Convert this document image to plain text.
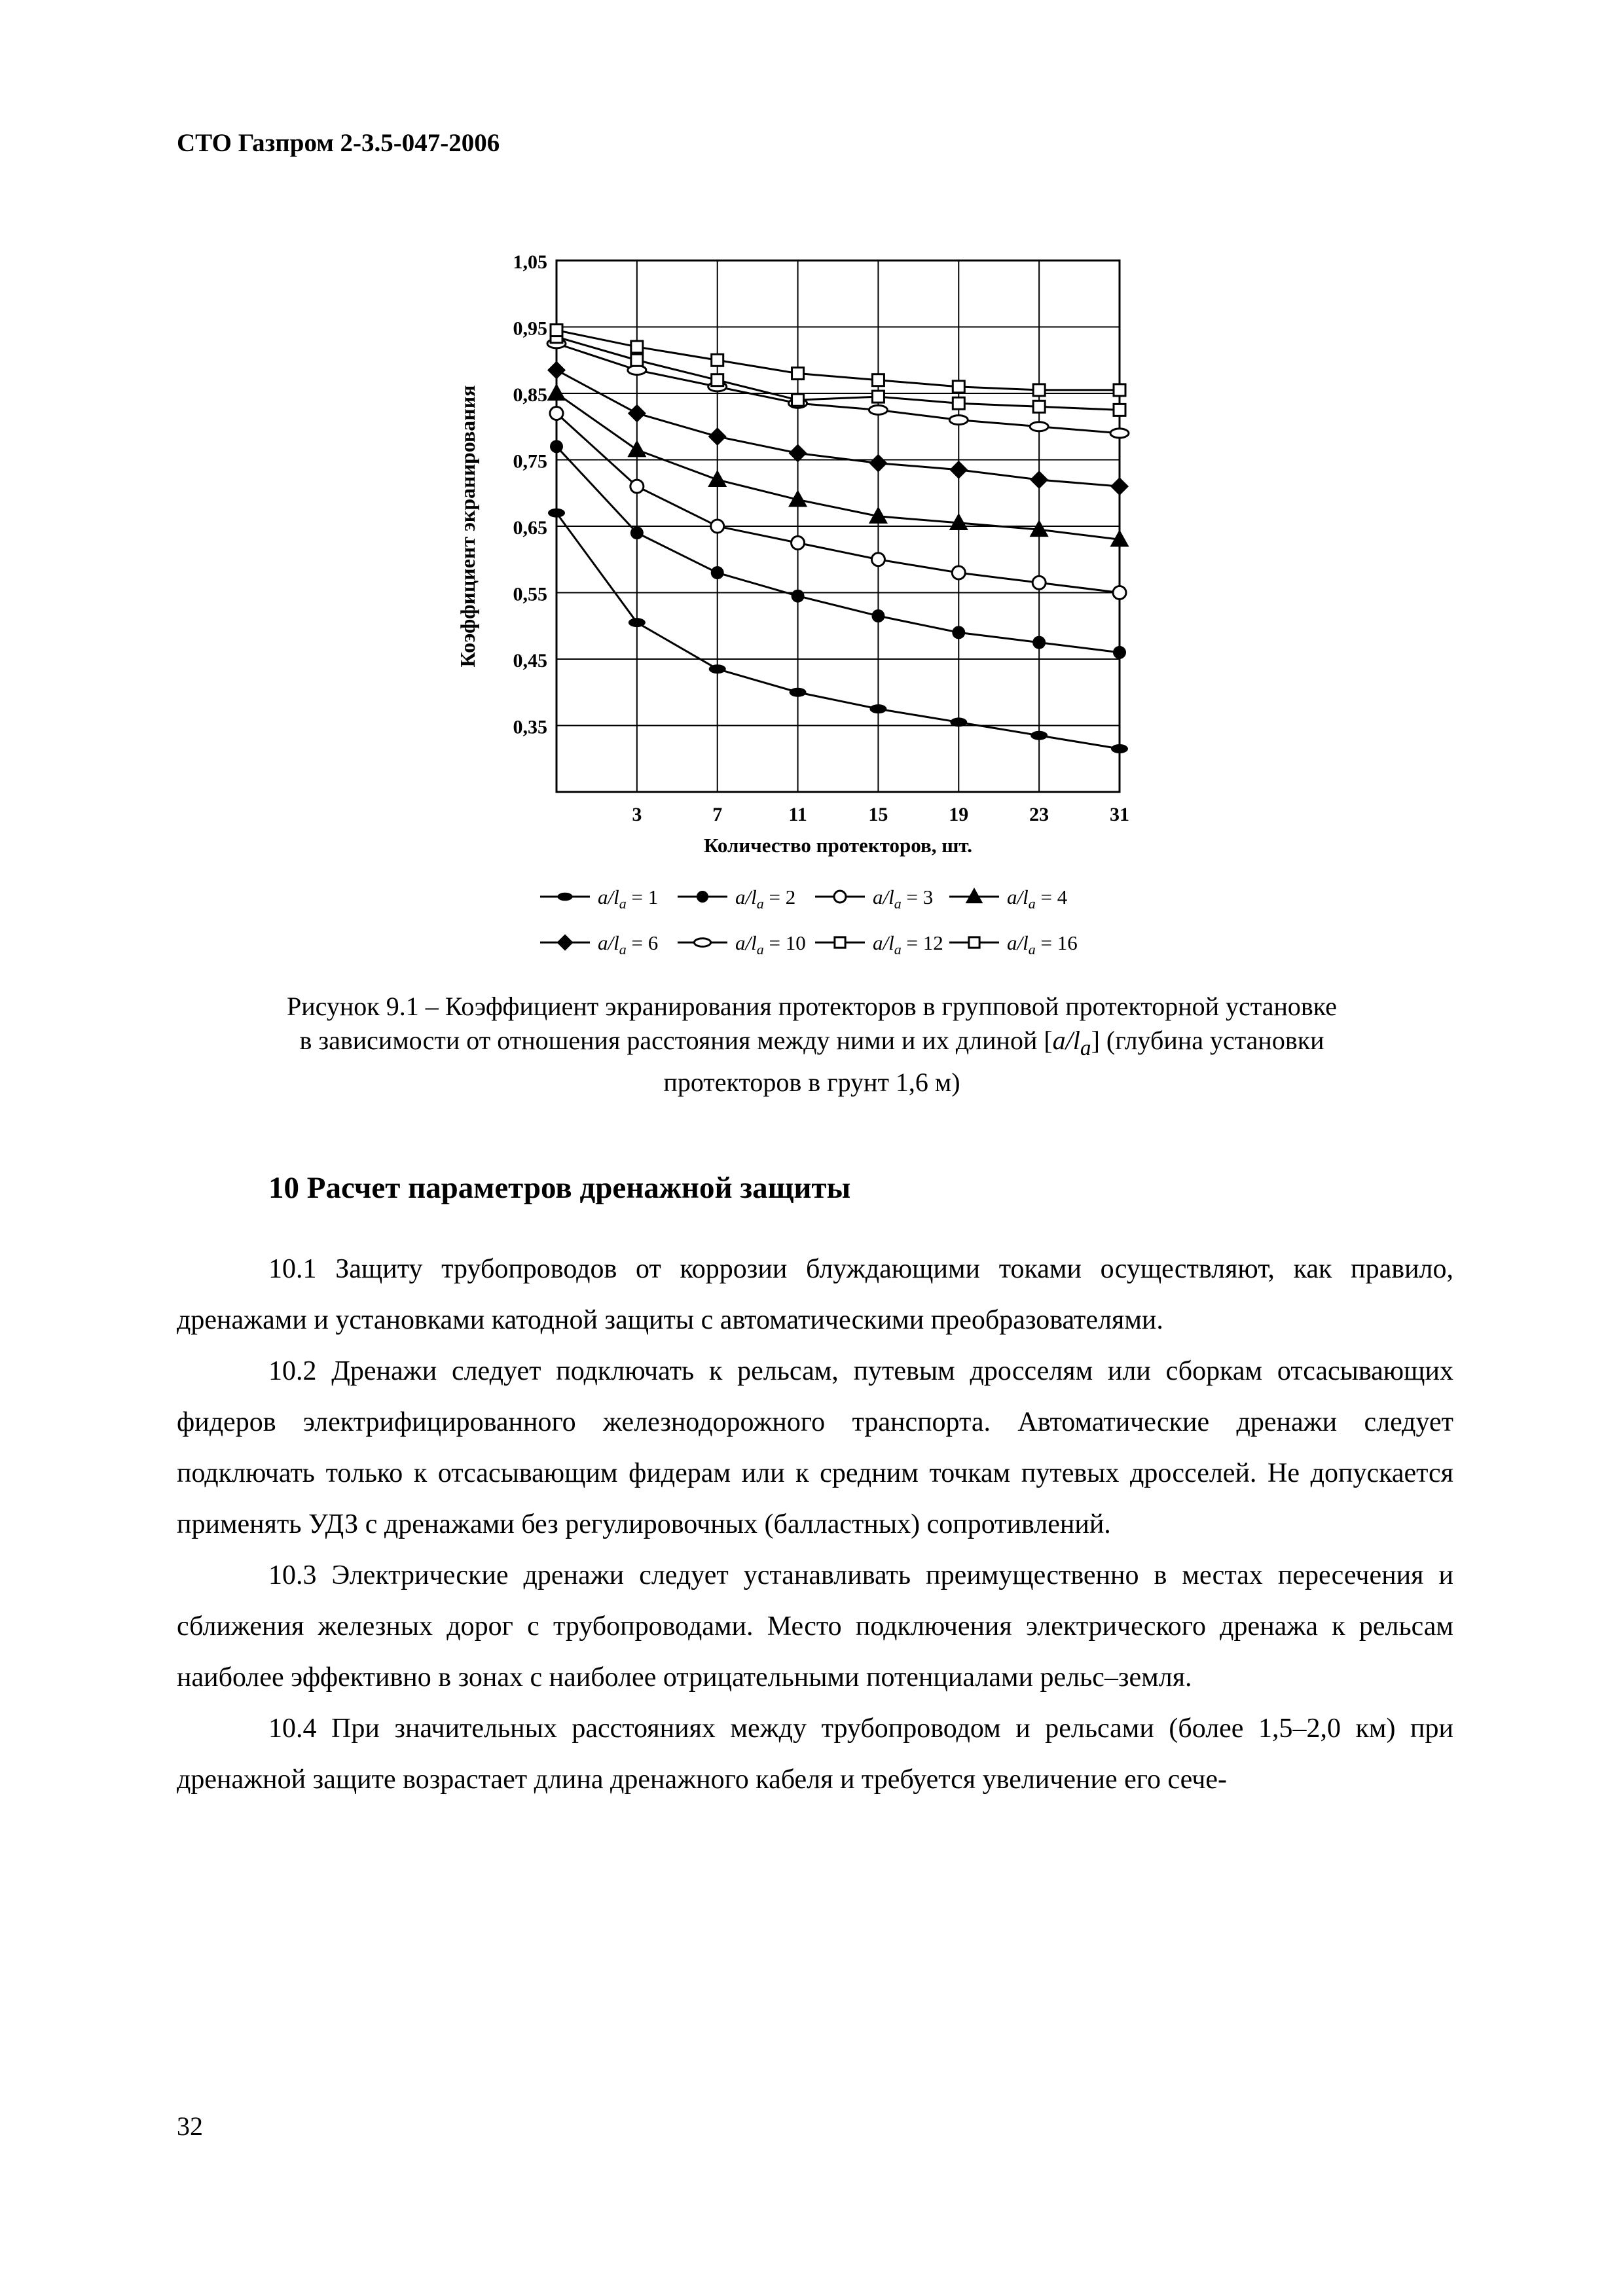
СТО Газпром 2-3.5-047-2006
1,05
0,95
0,85
0,75
0,65
0,55
0,45
0,35
3	7	11	15	19	23	31
Количество протекторов, шт.
Коэффициент экранирования
$a/l_a = 1$	$a/l_a = 2$	$a/l_a = 3$	$a/l_a = 4$
$a/l_a = 6$	$a/l_a = 10$	$a/l_a = 12$	$a/l_a = 16$
Рисунок 9.1 – Коэффициент экранирования протекторов в групповой протекторной установке
в зависимости от отношения расстояния между ними и их длиной $[a/l_a]$ (глубина установки
протекторов в грунт 1,6 м)
10 Расчет параметров дренажной защиты

10.1 Защиту трубопроводов от коррозии блуждающими токами осуществляют, как правило, дренажами и установками катодной защиты с автоматическими преобразователями.

10.2 Дренажи следует подключать к рельсам, путевым дросселям или сборкам отсасывающих фидеров электрифицированного железнодорожного транспорта. Автоматические дренажи следует подключать только к отсасывающим фидерам или к средним точкам путевых дросселей. Не допускается применять УДЗ с дренажами без регулировочных (балластных) сопротивлений.

10.3 Электрические дренажи следует устанавливать преимущественно в местах пересечения и сближения железных дорог с трубопроводами. Место подключения электрического дренажа к рельсам наиболее эффективно в зонах с наиболее отрицательными потенциалами рельс–земля.

10.4 При значительных расстояниях между трубопроводом и рельсами (более 1,5–2,0 км) при дренажной защите возрастает длина дренажного кабеля и требуется увеличение его сече-

32
